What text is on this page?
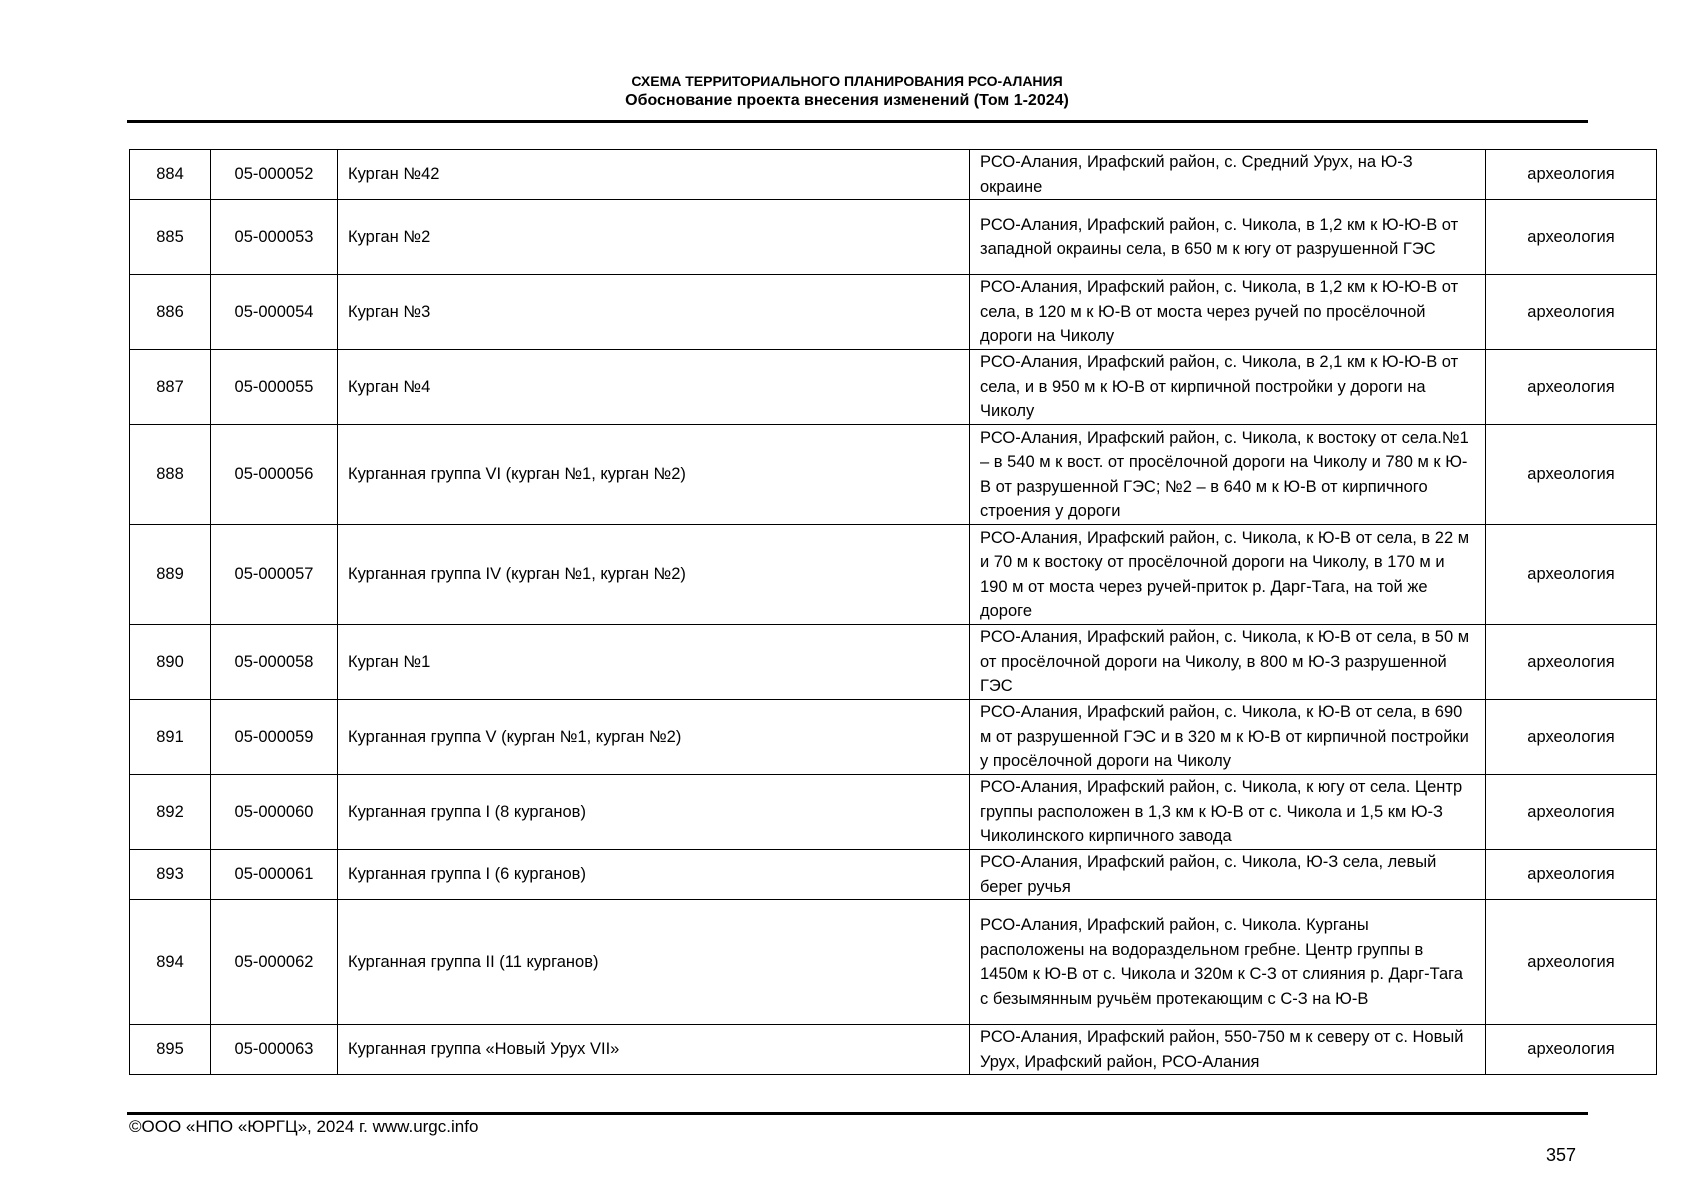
СХЕМА ТЕРРИТОРИАЛЬНОГО ПЛАНИРОВАНИЯ РСО-АЛАНИЯ
Обоснование проекта внесения изменений (Том 1-2024)
884	05-000052	Курган №42	РСО-Алания, Ирафский район, с. Средний Урух, на Ю-З окраине	археология
885	05-000053	Курган №2	РСО-Алания, Ирафский район, с. Чикола, в 1,2 км к Ю-Ю-В от западной окраины села, в 650 м к югу от разрушенной ГЭС	археология
886	05-000054	Курган №3	РСО-Алания, Ирафский район, с. Чикола, в 1,2 км к Ю-Ю-В от села, в 120 м к Ю-В от моста через ручей по просёлочной дороги на Чиколу	археология
887	05-000055	Курган №4	РСО-Алания, Ирафский район, с. Чикола, в 2,1 км к Ю-Ю-В от села, и в 950 м к Ю-В от кирпичной постройки у дороги на Чиколу	археология
888	05-000056	Курганная группа VI (курган №1, курган №2)	РСО-Алания, Ирафский район, с. Чикола, к востоку от села.№1 – в 540 м к вост. от просёлочной дороги на Чиколу и 780 м к Ю-В от разрушенной ГЭС; №2 – в 640 м к Ю-В от кирпичного строения у дороги	археология
889	05-000057	Курганная группа IV (курган №1, курган №2)	РСО-Алания, Ирафский район, с. Чикола, к Ю-В от села, в 22 м и 70 м к востоку от просёлочной дороги на Чиколу, в 170 м и 190 м от моста через ручей-приток р. Дарг-Тага, на той же дороге	археология
890	05-000058	Курган №1	РСО-Алания, Ирафский район, с. Чикола, к Ю-В от села, в 50 м от просёлочной дороги на Чиколу, в 800 м Ю-З разрушенной ГЭС	археология
891	05-000059	Курганная группа V (курган №1, курган №2)	РСО-Алания, Ирафский район, с. Чикола, к Ю-В от села, в 690 м от разрушенной ГЭС и в 320 м к Ю-В от кирпичной постройки у просёлочной дороги на Чиколу	археология
892	05-000060	Курганная группа I (8 курганов)	РСО-Алания, Ирафский район, с. Чикола, к югу от села. Центр группы расположен в 1,3 км к Ю-В от с. Чикола и 1,5 км Ю-З Чиколинского кирпичного завода	археология
893	05-000061	Курганная группа I (6 курганов)	РСО-Алания, Ирафский район, с. Чикола, Ю-З села, левый берег ручья	археология
894	05-000062	Курганная группа II (11 курганов)	РСО-Алания, Ирафский район, с. Чикола. Курганы расположены на водораздельном гребне. Центр группы в 1450м к Ю-В от с. Чикола и 320м к С-З от слияния р. Дарг-Тага с безымянным ручьём протекающим с С-З на Ю-В	археология
895	05-000063	Курганная группа «Новый Урух VII»	РСО-Алания, Ирафский район, 550-750 м к северу от с. Новый Урух, Ирафский район, РСО-Алания	археология
©ООО «НПО «ЮРГЦ», 2024 г. www.urgc.info
357
